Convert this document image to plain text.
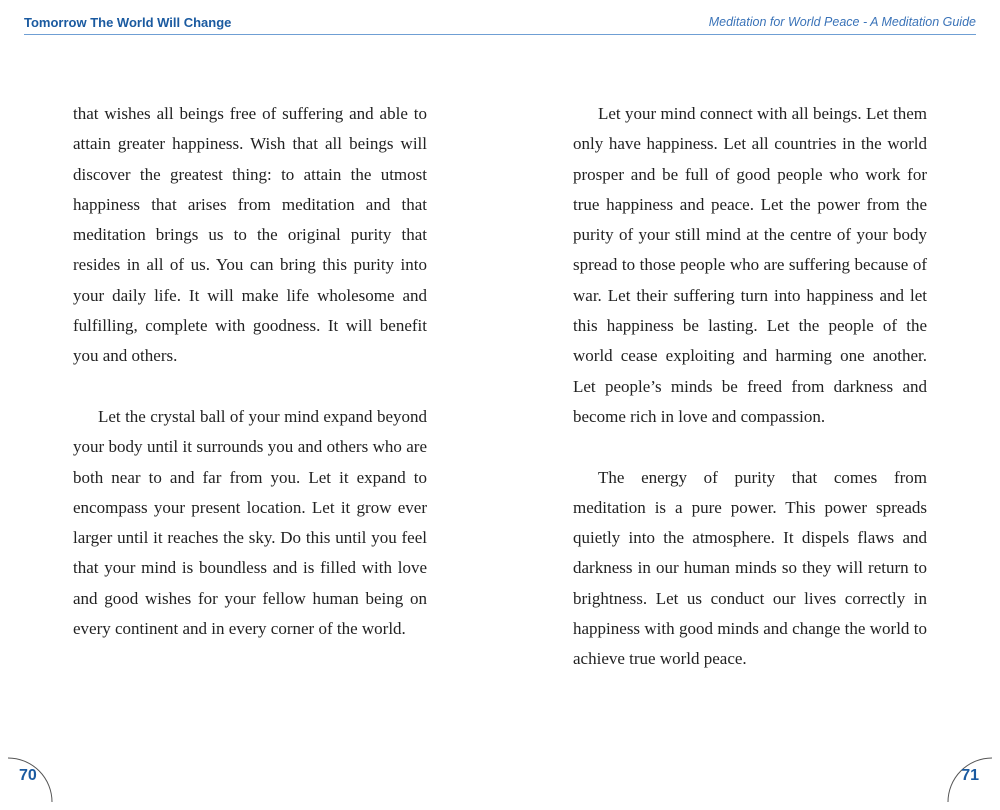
Tomorrow The World Will Change	Meditation for World Peace - A Meditation Guide

that wishes all beings free of suffering and able to attain greater happiness. Wish that all beings will discover the greatest thing: to attain the utmost happiness that arises from meditation and that meditation brings us to the original purity that resides in all of us. You can bring this purity into your daily life. It will make life wholesome and fulfilling, complete with goodness. It will benefit you and others.

Let the crystal ball of your mind expand beyond your body until it surrounds you and others who are both near to and far from you. Let it expand to encompass your present location. Let it grow ever larger until it reaches the sky. Do this until you feel that your mind is boundless and is filled with love and good wishes for your fellow human being on every continent and in every corner of the world.

Let your mind connect with all beings. Let them only have happiness. Let all countries in the world prosper and be full of good people who work for true happiness and peace. Let the power from the purity of your still mind at the centre of your body spread to those people who are suffering because of war. Let their suffering turn into happiness and let this happiness be lasting. Let the people of the world cease exploiting and harming one another. Let people’s minds be freed from darkness and become rich in love and compassion.

The energy of purity that comes from meditation is a pure power. This power spreads quietly into the atmosphere. It dispels flaws and darkness in our human minds so they will return to brightness. Let us conduct our lives correctly in happiness with good minds and change the world to achieve true world peace.

70	71
